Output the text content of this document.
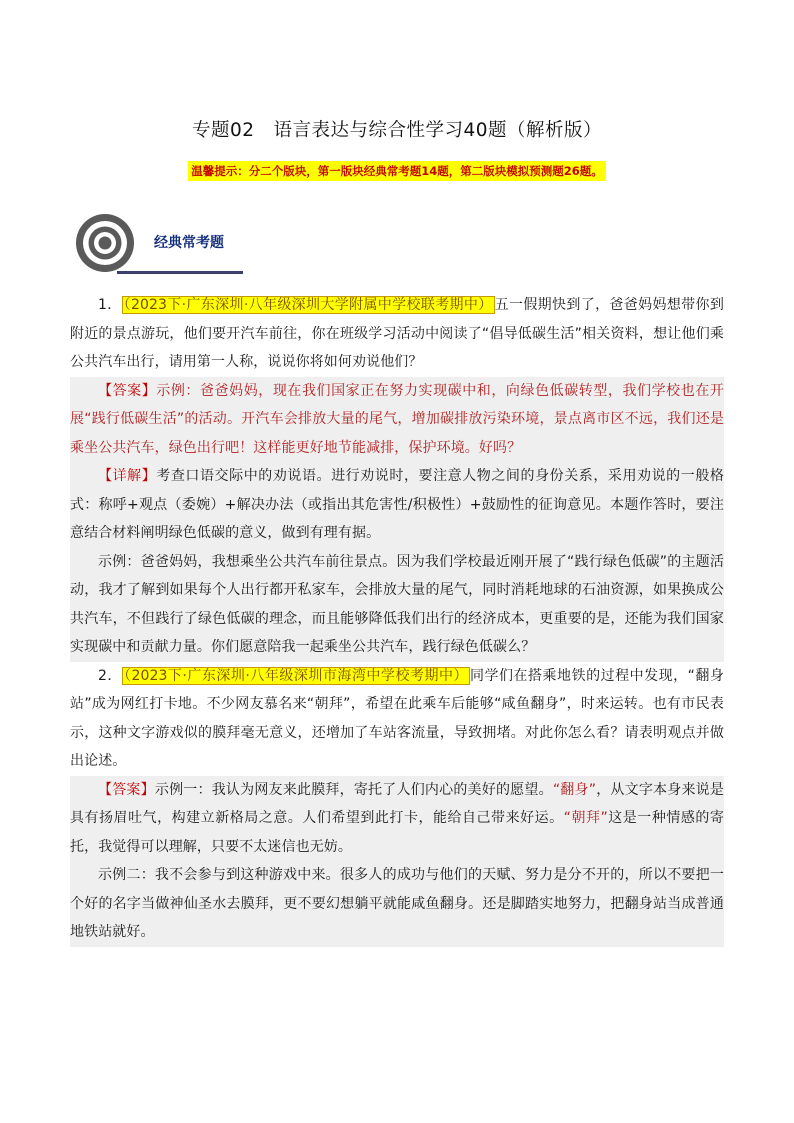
专题02　语言表达与综合性学习40题（解析版）
温馨提示：分二个版块，第一版块经典常考题14题，第二版块模拟预测题26题。
经典常考题

1． （2023下·广东深圳·八年级深圳大学附属中学校联考期中） 五一假期快到了，爸爸妈妈想带你到附近的景点游玩，他们要开汽车前往，你在班级学习活动中阅读了“倡导低碳生活”相关资料，想让他们乘公共汽车出行，请用第一人称，说说你将如何劝说他们？

【答案】示例：爸爸妈妈，现在我们国家正在努力实现碳中和，向绿色低碳转型，我们学校也在开展“践行低碳生活”的活动。开汽车会排放大量的尾气，增加碳排放污染环境，景点离市区不远，我们还是乘坐公共汽车，绿色出行吧！这样能更好地节能减排，保护环境。好吗？

【详解】考查口语交际中的劝说语。进行劝说时，要注意人物之间的身份关系，采用劝说的一般格式：称呼+观点（委婉）+解决办法（或指出其危害性/积极性）+鼓励性的征询意见。本题作答时，要注意结合材料阐明绿色低碳的意义，做到有理有据。

示例：爸爸妈妈，我想乘坐公共汽车前往景点。因为我们学校最近刚开展了“践行绿色低碳”的主题活动，我才了解到如果每个人出行都开私家车，会排放大量的尾气，同时消耗地球的石油资源，如果换成公共汽车，不但践行了绿色低碳的理念，而且能够降低我们出行的经济成本，更重要的是，还能为我们国家实现碳中和贡献力量。你们愿意陪我一起乘坐公共汽车，践行绿色低碳么？

2． （2023下·广东深圳·八年级深圳市海湾中学校考期中） 同学们在搭乘地铁的过程中发现，“翻身站”成为网红打卡地。不少网友慕名来“朝拜”，希望在此乘车后能够“咸鱼翻身”，时来运转。也有市民表示，这种文字游戏似的膜拜毫无意义，还增加了车站客流量，导致拥堵。对此你怎么看？请表明观点并做出论述。

【答案】示例一：我认为网友来此膜拜，寄托了人们内心的美好的愿望。“翻身”，从文字本身来说是具有扬眉吐气，构建立新格局之意。人们希望到此打卡，能给自己带来好运。“朝拜”这是一种情感的寄托，我觉得可以理解，只要不太迷信也无妨。

示例二：我不会参与到这种游戏中来。很多人的成功与他们的天赋、努力是分不开的，所以不要把一个好的名字当做神仙圣水去膜拜，更不要幻想躺平就能咸鱼翻身。还是脚踏实地努力，把翻身站当成普通地铁站就好。
